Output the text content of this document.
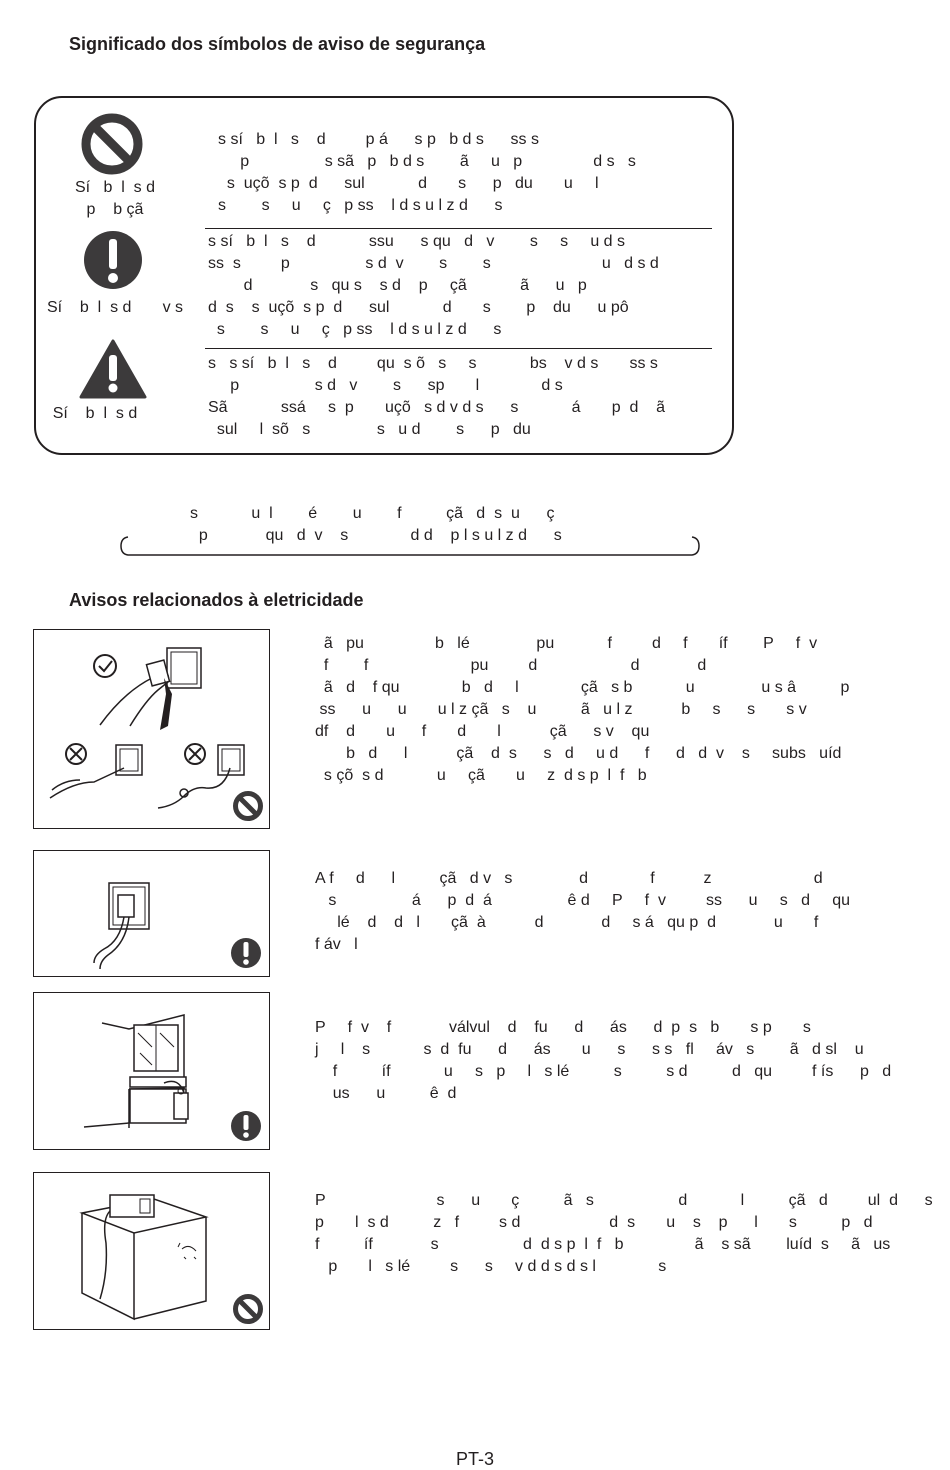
Significado dos símbolos de aviso de segurança
Sí   b  l  s d
p    b çã
s sí   b  l   s    d         p á      s p   b d s      ss s
p                 s sã   p   b d s        ã     u   p                d s   s
s  uçõ  s p  d      sul            d       s      p   du       u     l
s        s     u     ç   p ss    l d s u l z d      s
Sí    b  l  s d       v s
s sí   b  l   s    d            ssu      s qu   d   v        s     s     u d s
ss  s         p                 s d  v        s        s                         u   d s d
d             s   qu s    s d    p     çã            ã      u   p
d  s    s  uçõ  s p  d      sul            d       s        p    du      u pô
s        s     u     ç   p ss    l d s u l z d      s
Sí    b  l  s d
s   s sí   b  l   s    d         qu  s õ   s     s            bs    v d s       ss s
p                 s d   v        s      sp       l              d s
Sã            ssá     s  p       uçõ   s d v d s      s            á       p  d    ã
sul     l  sõ   s               s   u d        s      p   du
s            u  l        é        u        f          çã   d  s  u      ç
p             qu   d  v    s              d d    p l s u l z d      s
Avisos relacionados à eletricidade
ã   pu                b   lé               pu            f         d     f       íf        P     f  v
f        f                       pu         d                     d             d
ã   d    f qu              b   d     l              çã   s b            u               u s â          p
ss      u      u       u l z çã   s    u          ã   u l z           b     s      s       s v
df    d       u      f       d       l           çã      s v    qu
b   d      l           çã    d  s      s   d     u d      f      d   d  v    s     subs   uíd
s çõ  s d            u     çã       u     z  d s p  l  f   b
A f     d      l          çã   d v   s               d              f           z                       d
s                 á      p  d  á                 ê d     P     f  v         ss      u     s   d     qu
lé    d    d   l       çã  à           d             d     s á   qu p  d             u       f
f áv   l
P     f  v    f             válvul    d    fu      d      ás      d  p  s   b       s p       s
j     l    s            s  d  fu      d      ás       u      s      s s   fl     áv   s        ã   d sl    u
f          íf            u     s   p     l   s lé          s          s d          d   qu         f ís      p   d
us      u          ê  d
P                         s      u       ç          ã   s                   d            l          çã   d         ul  d      s
p       l  s d          z   f         s d                    d  s       u    s    p      l       s          p   d
f          íf             s                   d  d s p  l  f   b                ã    s sã        luíd  s     ã   us
p       l   s lé         s      s     v d d s d s l              s
PT-3
